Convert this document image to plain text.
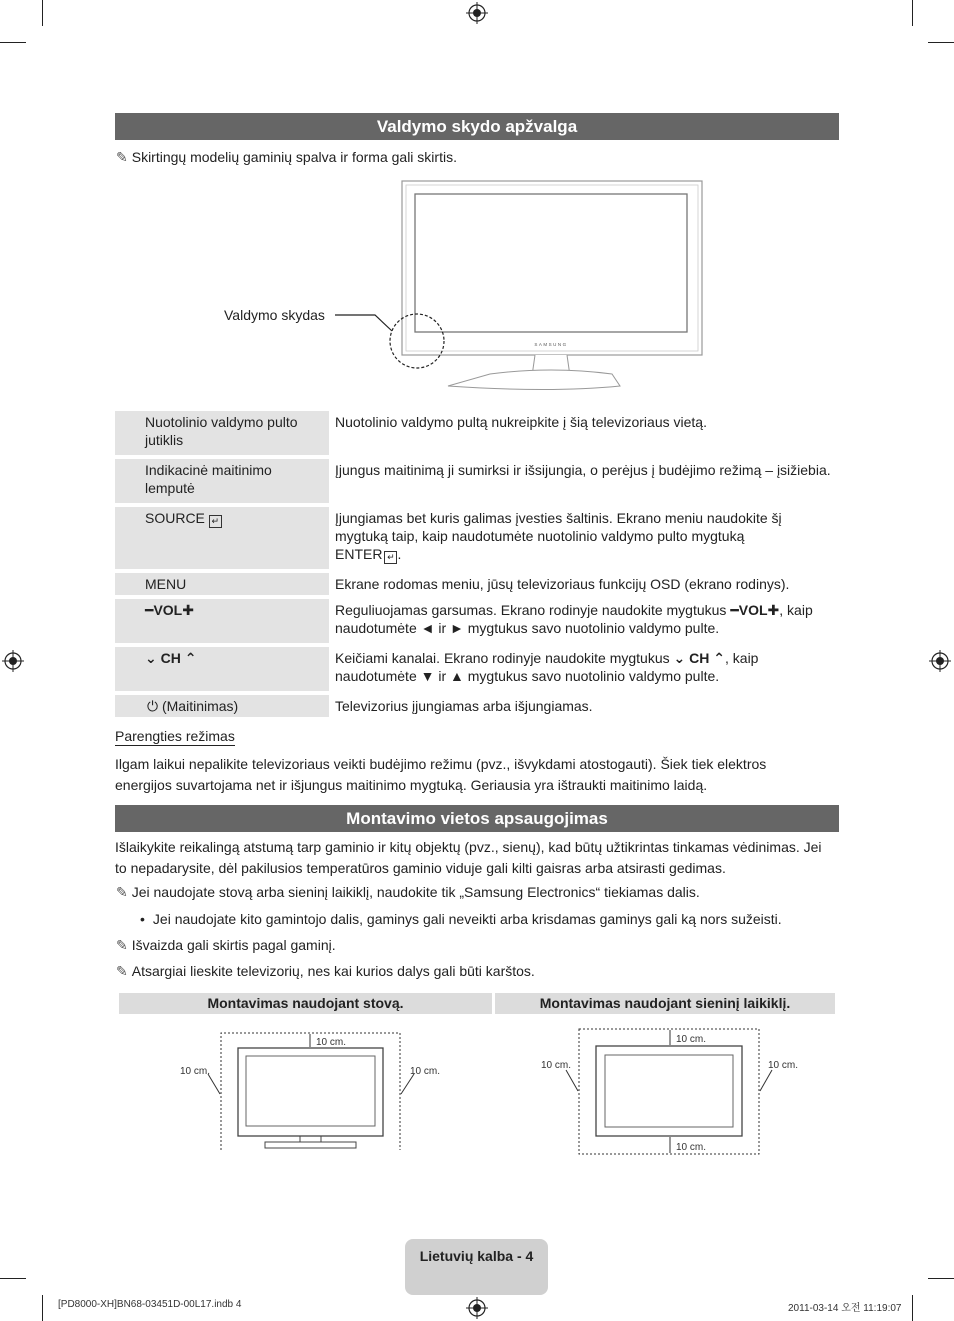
Valdymo skydo apžvalga
✎ Skirtingų modelių gaminių spalva ir forma gali skirtis.
SAMSUNG
Valdymo skydas
	Nuotolinio valdymo pulto jutiklis	Nuotolinio valdymo pultą nukreipkite į šią televizoriaus vietą.
	Indikacinė maitinimo lemputė	Įjungus maitinimą ji sumirksi ir išsijungia, o perėjus į budėjimo režimą – įsižiebia.
	SOURCE ↵	Įjungiamas bet kuris galimas įvesties šaltinis. Ekrano meniu naudokite šį mygtuką taip, kaip naudotumėte nuotolinio valdymo pulto mygtuką
ENTER ↵ .
	MENU	Ekrane rodomas meniu, jūsų televizoriaus funkcijų OSD (ekrano rodinys).
	━VOL✚	Reguliuojamas garsumas. Ekrano rodinyje naudokite mygtukus ━VOL✚, kaip naudotumėte ◄ ir ► mygtukus savo nuotolinio valdymo pulte.
	⌄ CH ⌃	Keičiami kanalai. Ekrano rodinyje naudokite mygtukus ⌄ CH ⌃, kaip naudotumėte ▼ ir ▲ mygtukus savo nuotolinio valdymo pulte.
	⏻ (Maitinimas)	Televizorius įjungiamas arba išjungiamas.
Parengties režimas
Ilgam laikui nepalikite televizoriaus veikti budėjimo režimu (pvz., išvykdami atostogauti). Šiek tiek elektros energijos suvartojama net ir išjungus maitinimo mygtuką. Geriausia yra ištraukti maitinimo laidą.
Montavimo vietos apsaugojimas
Išlaikykite reikalingą atstumą tarp gaminio ir kitų objektų (pvz., sienų), kad būtų užtikrintas tinkamas vėdinimas. Jei to nepadarysite, dėl pakilusios temperatūros gaminio viduje gali kilti gaisras arba atsirasti gedimas.
✎ Jei naudojate stovą arba sieninį laikiklį, naudokite tik „Samsung Electronics“ tiekiamas dalis.
• Jei naudojate kito gamintojo dalis, gaminys gali neveikti arba krisdamas gaminys gali ką nors sužeisti.
✎ Išvaizda gali skirtis pagal gaminį.
✎ Atsargiai lieskite televizorių, nes kai kurios dalys gali būti karštos.
Montavimas naudojant stovą.	Montavimas naudojant sieninį laikiklį.
10 cm.
10 cm.	10 cm.
10 cm.
10 cm.
10 cm.	10 cm.
Lietuvių kalba - 4
[PD8000-XH]BN68-03451D-00L17.indb 4	2011-03-14 오전 11:19:07
